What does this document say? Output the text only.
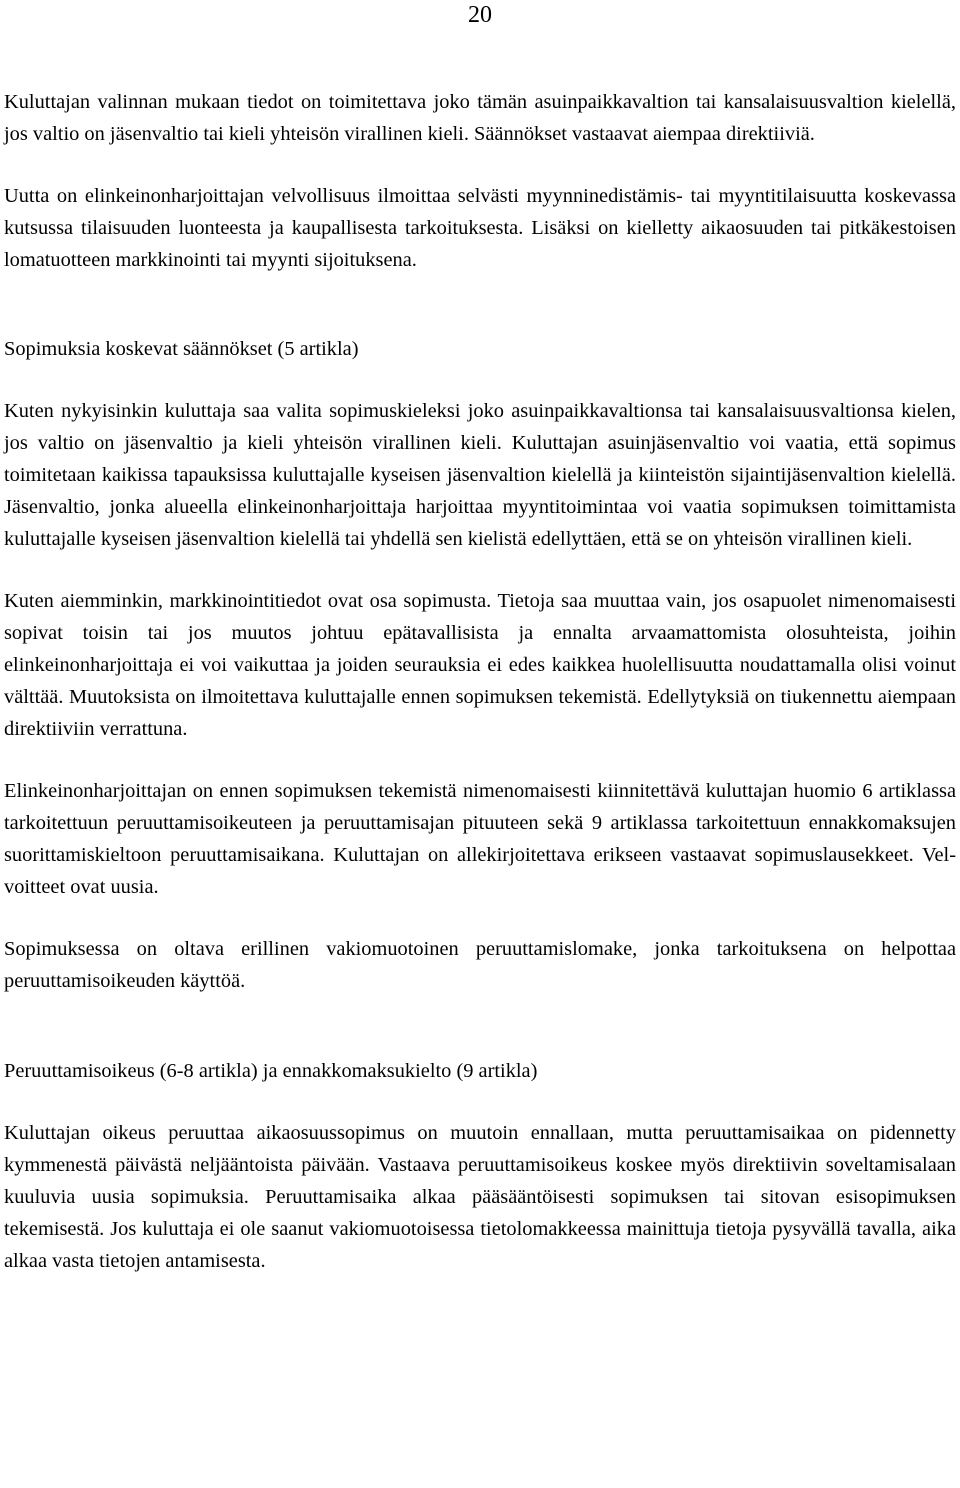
20

Kuluttajan valinnan mukaan tiedot on toimitettava joko tämän asuinpaikkavaltion tai kansalaisuusvaltion kielellä, jos valtio on jäsenvaltio tai kieli yhteisön virallinen kieli. Säännökset vastaavat aiempaa direktiiviä.

Uutta on elinkeinonharjoittajan velvollisuus ilmoittaa selvästi myynninedistämis- tai myyntitilaisuutta koskevassa kutsussa tilaisuuden luonteesta ja kaupallisesta tarkoituksesta. Lisäksi on kielletty aikaosuuden tai pitkäkestoisen lomatuotteen markkinointi tai myynti sijoituksena.

Sopimuksia koskevat säännökset (5 artikla)

Kuten nykyisinkin kuluttaja saa valita sopimuskieleksi joko asuinpaikkavaltionsa tai kansalaisuusvaltionsa kielen, jos valtio on jäsenvaltio ja kieli yhteisön virallinen kieli. Kuluttajan asuinjäsenvaltio voi vaatia, että sopimus toimitetaan kaikissa tapauksissa kuluttajalle kyseisen jäsenvaltion kielellä ja kiinteistön sijaintijäsenvaltion kielellä. Jäsenvaltio, jonka alueella elinkeinonharjoittaja harjoittaa myyntitoimintaa voi vaatia sopimuksen toimittamista kuluttajalle kyseisen jäsenvaltion kielellä tai yhdellä sen kielistä edellyttäen, että se on yhteisön virallinen kieli.

Kuten aiemminkin, markkinointitiedot ovat osa sopimusta. Tietoja saa muuttaa vain, jos osapuolet nimenomaisesti sopivat toisin tai jos muutos johtuu epätavallisista ja ennalta arvaamattomista olosuhteista, joihin elinkeinonharjoittaja ei voi vaikuttaa ja joiden seurauksia ei edes kaikkea huolellisuutta noudattamalla olisi voinut välttää. Muutoksista on ilmoitettava kuluttajalle ennen sopimuksen tekemistä. Edellytyksiä on tiukennettu aiempaan direktiiviin verrattuna.

Elinkeinonharjoittajan on ennen sopimuksen tekemistä nimenomaisesti kiinnitettävä kuluttajan huomio 6 artiklassa tarkoitettuun peruuttamisoikeuteen ja peruuttamisajan pituuteen sekä 9 artiklassa tarkoitettuun ennakkomaksujen suorittamiskieltoon peruuttamisaikana. Kuluttajan on allekirjoitettava erikseen vastaavat sopimuslausekkeet. Velvoitteet ovat uusia.

Sopimuksessa on oltava erillinen vakiomuotoinen peruuttamislomake, jonka tarkoituksena on helpottaa peruuttamisoikeuden käyttöä.

Peruuttamisoikeus (6-8 artikla) ja ennakkomaksukielto (9 artikla)

Kuluttajan oikeus peruuttaa aikaosuussopimus on muutoin ennallaan, mutta peruuttamisaikaa on pidennetty kymmenestä päivästä neljääntoista päivään. Vastaava peruuttamisoikeus koskee myös direktiivin soveltamisalaan kuuluvia uusia sopimuksia. Peruuttamisaika alkaa pääsääntöisesti sopimuksen tai sitovan esisopimuksen tekemisestä. Jos kuluttaja ei ole saanut vakiomuotoisessa tietolomakkeessa mainittuja tietoja pysyvällä tavalla, aika alkaa vasta tietojen antamisesta.
